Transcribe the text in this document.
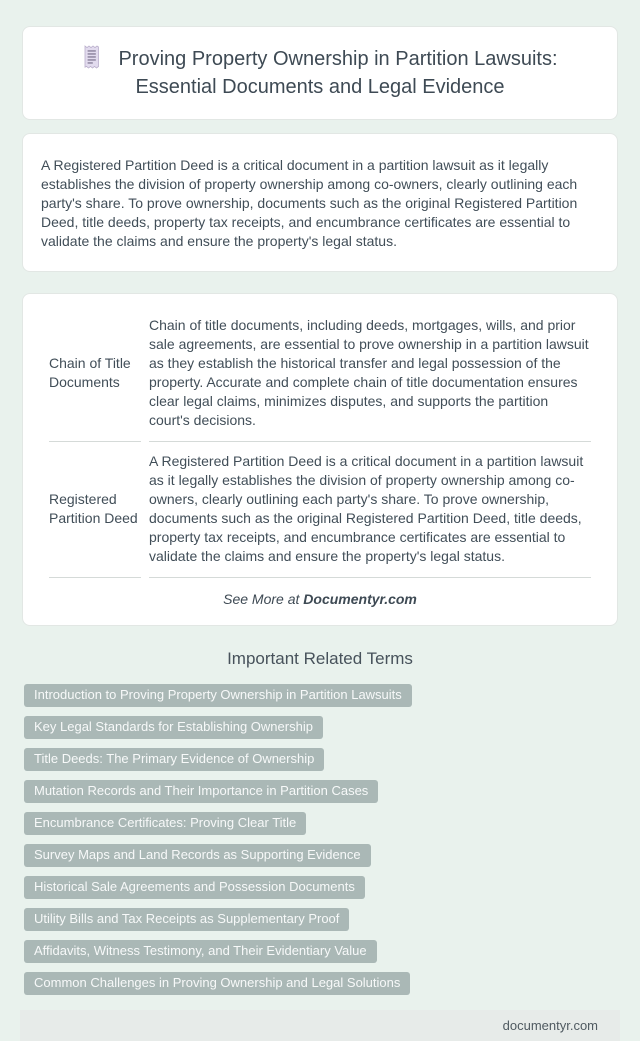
Proving Property Ownership in Partition Lawsuits: Essential Documents and Legal Evidence

A Registered Partition Deed is a critical document in a partition lawsuit as it legally establishes the division of property ownership among co-owners, clearly outlining each party's share. To prove ownership, documents such as the original Registered Partition Deed, title deeds, property tax receipts, and encumbrance certificates are essential to validate the claims and ensure the property's legal status.

Chain of Title Documents	Chain of title documents, including deeds, mortgages, wills, and prior sale agreements, are essential to prove ownership in a partition lawsuit as they establish the historical transfer and legal possession of the property. Accurate and complete chain of title documentation ensures clear legal claims, minimizes disputes, and supports the partition court's decisions.
Registered Partition Deed	A Registered Partition Deed is a critical document in a partition lawsuit as it legally establishes the division of property ownership among co-owners, clearly outlining each party's share. To prove ownership, documents such as the original Registered Partition Deed, title deeds, property tax receipts, and encumbrance certificates are essential to validate the claims and ensure the property's legal status.
See More at Documentyr.com
Important Related Terms
Introduction to Proving Property Ownership in Partition Lawsuits
Key Legal Standards for Establishing Ownership
Title Deeds: The Primary Evidence of Ownership
Mutation Records and Their Importance in Partition Cases
Encumbrance Certificates: Proving Clear Title
Survey Maps and Land Records as Supporting Evidence
Historical Sale Agreements and Possession Documents
Utility Bills and Tax Receipts as Supplementary Proof
Affidavits, Witness Testimony, and Their Evidentiary Value
Common Challenges in Proving Ownership and Legal Solutions
documentyr.com
